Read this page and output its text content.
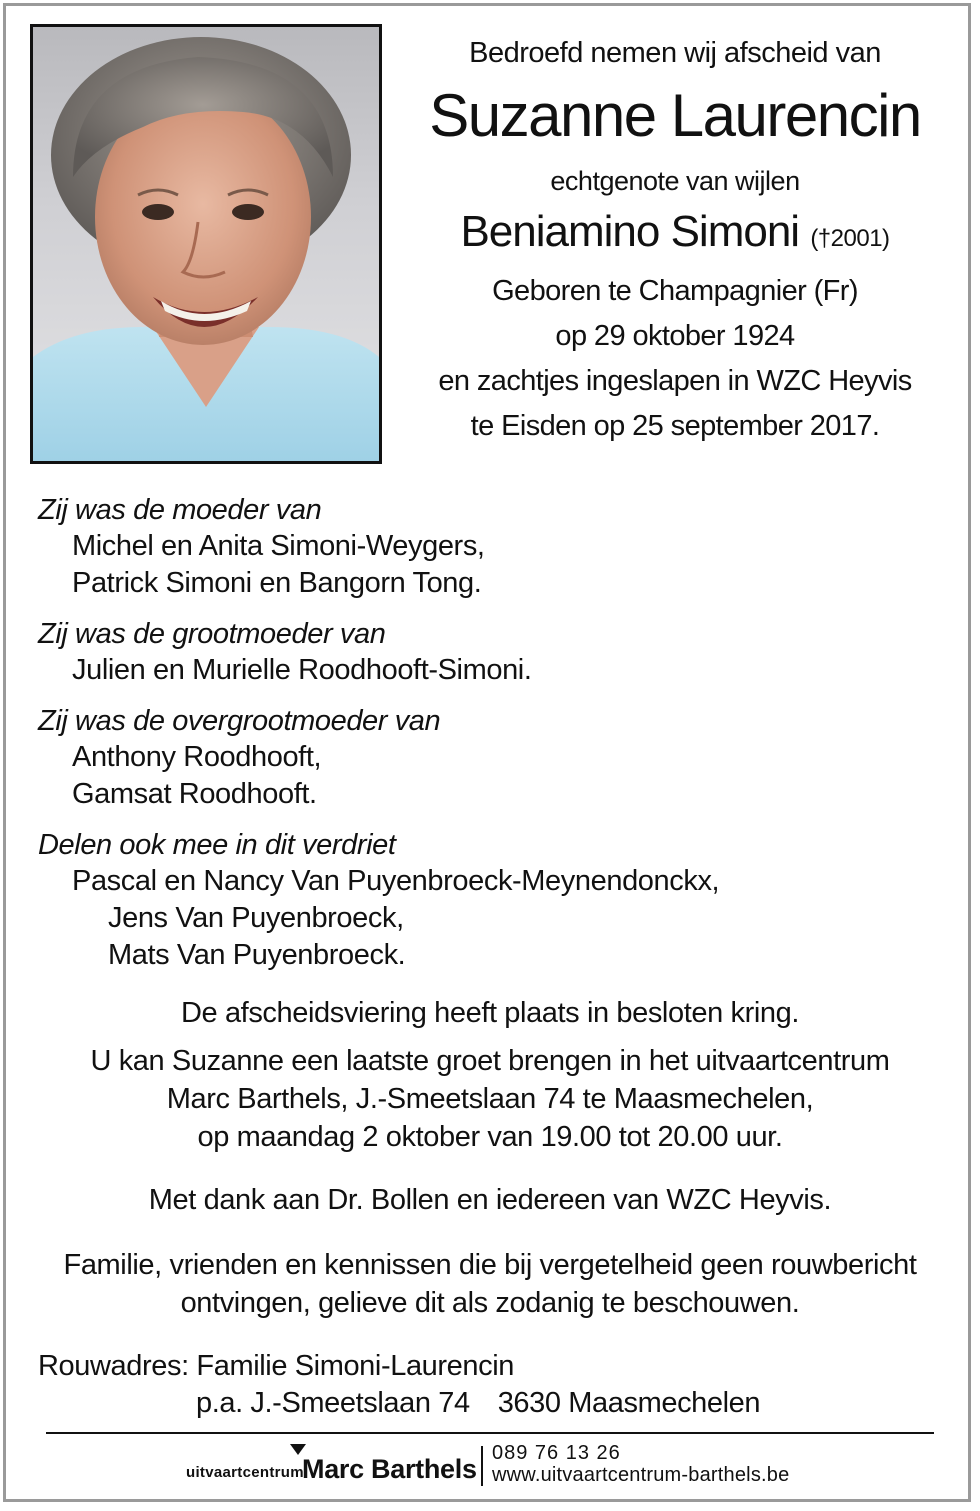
Bedroefd nemen wij afscheid van
Suzanne Laurencin
echtgenote van wijlen
Beniamino Simoni (†2001)
Geboren te Champagnier (Fr)
op 29 oktober 1924
en zachtjes ingeslapen in WZC Heyvis
te Eisden op 25 september 2017.
Zij was de moeder van
Michel en Anita Simoni-Weygers,
Patrick Simoni en Bangorn Tong.
Zij was de grootmoeder van
Julien en Murielle Roodhooft-Simoni.
Zij was de overgrootmoeder van
Anthony Roodhooft,
Gamsat Roodhooft.
Delen ook mee in dit verdriet
Pascal en Nancy Van Puyenbroeck-Meynendonckx,
Jens Van Puyenbroeck,
Mats Van Puyenbroeck.
De afscheidsviering heeft plaats in besloten kring.
U kan Suzanne een laatste groet brengen in het uitvaartcentrum
Marc Barthels, J.-Smeetslaan 74 te Maasmechelen,
op maandag 2 oktober van 19.00 tot 20.00 uur.
Met dank aan Dr. Bollen en iedereen van WZC Heyvis.
Familie, vrienden en kennissen die bij vergetelheid geen rouwbericht
ontvingen, gelieve dit als zodanig te beschouwen.
Rouwadres: Familie Simoni-Laurencin
p.a. J.-Smeetslaan 74 3630 Maasmechelen
uitvaartcentrum
Marc Barthels
089 76 13 26
www.uitvaartcentrum-barthels.be
